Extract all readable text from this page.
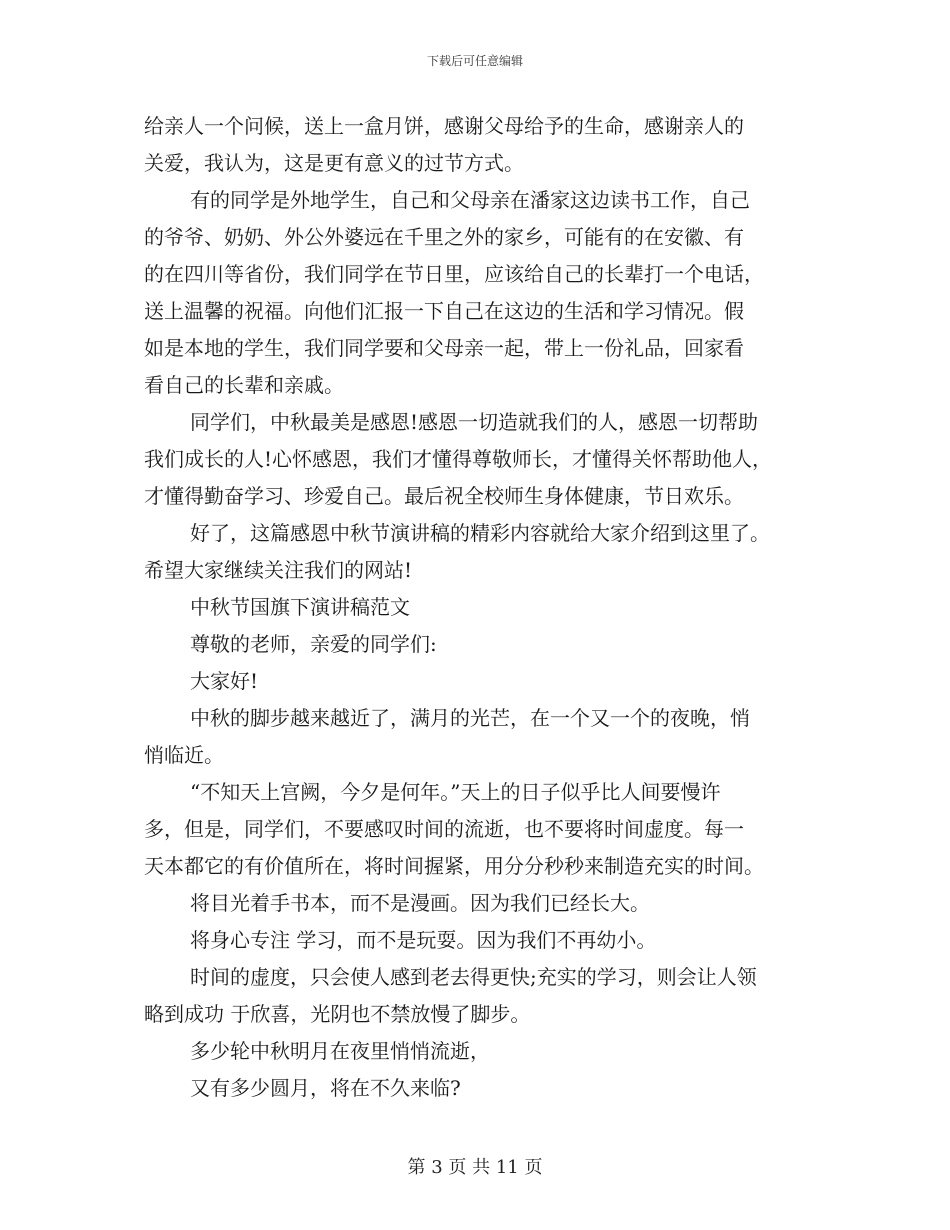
下载后可任意编辑
给亲人一个问候，送上一盒月饼，感谢父母给予的生命，感谢亲人的
关爱，我认为，这是更有意义的过节方式。
有的同学是外地学生，自己和父母亲在潘家这边读书工作，自己
的爷爷、奶奶、外公外婆远在千里之外的家乡，可能有的在安徽、有
的在四川等省份，我们同学在节日里，应该给自己的长辈打一个电话，
送上温馨的祝福。向他们汇报一下自己在这边的生活和学习情况。假
如是本地的学生，我们同学要和父母亲一起，带上一份礼品，回家看
看自己的长辈和亲戚。
同学们，中秋最美是感恩!感恩一切造就我们的人，感恩一切帮助
我们成长的人!心怀感恩，我们才懂得尊敬师长，才懂得关怀帮助他人，
才懂得勤奋学习、珍爱自己。最后祝全校师生身体健康，节日欢乐。
好了，这篇感恩中秋节演讲稿的精彩内容就给大家介绍到这里了。
希望大家继续关注我们的网站!
中秋节国旗下演讲稿范文
尊敬的老师，亲爱的同学们:
大家好!
中秋的脚步越来越近了，满月的光芒，在一个又一个的夜晚，悄
悄临近。
“不知天上宫阙，今夕是何年。”天上的日子似乎比人间要慢许
多，但是，同学们，不要感叹时间的流逝，也不要将时间虚度。每一
天本都它的有价值所在，将时间握紧，用分分秒秒来制造充实的时间。
将目光着手书本，而不是漫画。因为我们已经长大。
将身心专注 学习，而不是玩耍。因为我们不再幼小。
时间的虚度，只会使人感到老去得更快;充实的学习，则会让人领
略到成功 于欣喜，光阴也不禁放慢了脚步。
多少轮中秋明月在夜里悄悄流逝，
又有多少圆月，将在不久来临?
第 3 页 共 11 页
